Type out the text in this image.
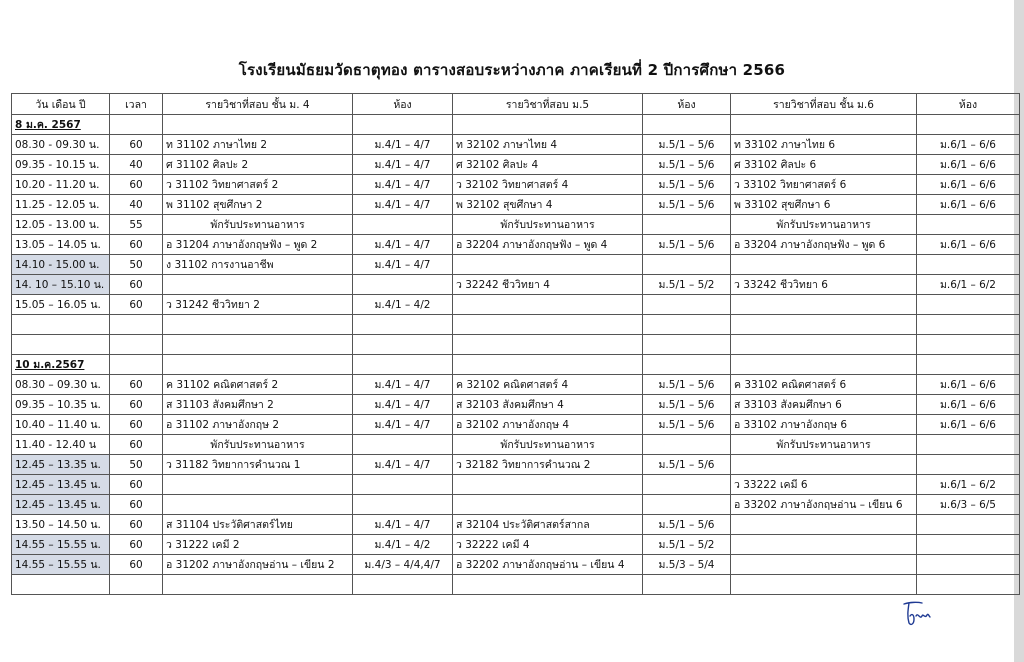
โรงเรียนมัธยมวัดธาตุทอง ตารางสอบระหว่างภาค ภาคเรียนที่ 2 ปีการศึกษา 2566
วัน เดือน ปี	เวลา	รายวิชาที่สอบ ชั้น ม. 4	ห้อง	รายวิชาที่สอบ ม.5	ห้อง	รายวิชาที่สอบ ชั้น ม.6	ห้อง
8 ม.ค. 2567							
08.30 - 09.30 น.	60	ท 31102 ภาษาไทย 2	ม.4/1 – 4/7	ท 32102 ภาษาไทย 4	ม.5/1 – 5/6	ท 33102 ภาษาไทย 6	ม.6/1 – 6/6
09.35 - 10.15 น.	40	ศ 31102 ศิลปะ 2	ม.4/1 – 4/7	ศ 32102 ศิลปะ 4	ม.5/1 – 5/6	ศ 33102 ศิลปะ 6	ม.6/1 – 6/6
10.20 - 11.20 น.	60	ว 31102 วิทยาศาสตร์ 2	ม.4/1 – 4/7	ว 32102 วิทยาศาสตร์ 4	ม.5/1 – 5/6	ว 33102 วิทยาศาสตร์ 6	ม.6/1 – 6/6
11.25 - 12.05 น.	40	พ 31102 สุขศึกษา 2	ม.4/1 – 4/7	พ 32102 สุขศึกษา 4	ม.5/1 – 5/6	พ 33102 สุขศึกษา 6	ม.6/1 – 6/6
12.05 - 13.00 น.	55	พักรับประทานอาหาร		พักรับประทานอาหาร		พักรับประทานอาหาร	
13.05 – 14.05 น.	60	อ 31204 ภาษาอังกฤษฟัง – พูด 2	ม.4/1 – 4/7	อ 32204 ภาษาอังกฤษฟัง – พูด 4	ม.5/1 – 5/6	อ 33204 ภาษาอังกฤษฟัง – พูด 6	ม.6/1 – 6/6
14.10 - 15.00 น.	50	ง 31102 การงานอาชีพ	ม.4/1 – 4/7				
14. 10 – 15.10 น.	60			ว 32242 ชีววิทยา 4	ม.5/1 – 5/2	ว 33242 ชีววิทยา 6	ม.6/1 – 6/2
15.05 – 16.05 น.	60	ว 31242 ชีววิทยา 2	ม.4/1 – 4/2				

10 ม.ค.2567							
08.30 – 09.30 น.	60	ค 31102 คณิตศาสตร์ 2	ม.4/1 – 4/7	ค 32102 คณิตศาสตร์ 4	ม.5/1 – 5/6	ค 33102 คณิตศาสตร์ 6	ม.6/1 – 6/6
09.35 – 10.35 น.	60	ส 31103 สังคมศึกษา 2	ม.4/1 – 4/7	ส 32103 สังคมศึกษา 4	ม.5/1 – 5/6	ส 33103 สังคมศึกษา 6	ม.6/1 – 6/6
10.40 – 11.40 น.	60	อ 31102 ภาษาอังกฤษ 2	ม.4/1 – 4/7	อ 32102 ภาษาอังกฤษ 4	ม.5/1 – 5/6	อ 33102 ภาษาอังกฤษ 6	ม.6/1 – 6/6
11.40 - 12.40 น	60	พักรับประทานอาหาร		พักรับประทานอาหาร		พักรับประทานอาหาร	
12.45 – 13.35 น.	50	ว 31182 วิทยาการคำนวณ 1	ม.4/1 – 4/7	ว 32182 วิทยาการคำนวณ 2	ม.5/1 – 5/6		
12.45 – 13.45 น.	60					ว 33222 เคมี 6	ม.6/1 – 6/2
12.45 – 13.45 น.	60					อ 33202 ภาษาอังกฤษอ่าน – เขียน 6	ม.6/3 – 6/5
13.50 – 14.50 น.	60	ส 31104 ประวัติศาสตร์ไทย	ม.4/1 – 4/7	ส 32104 ประวัติศาสตร์สากล	ม.5/1 – 5/6		
14.55 – 15.55 น.	60	ว 31222 เคมี 2	ม.4/1 – 4/2	ว 32222 เคมี 4	ม.5/1 – 5/2		
14.55 – 15.55 น.	60	อ 31202 ภาษาอังกฤษอ่าน – เขียน 2	ม.4/3 – 4/4,4/7	อ 32202 ภาษาอังกฤษอ่าน – เขียน 4	ม.5/3 – 5/4		
